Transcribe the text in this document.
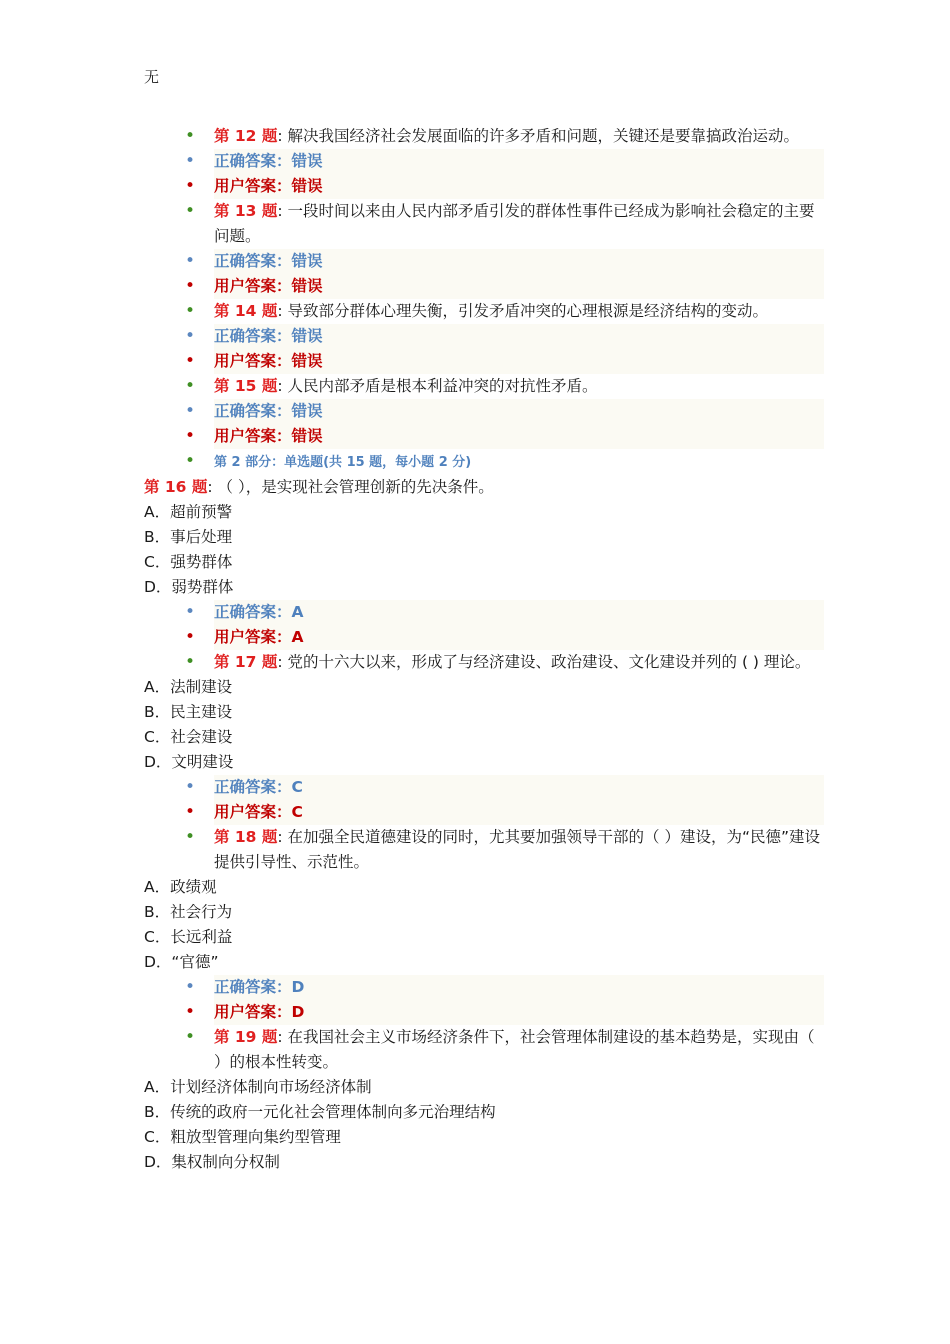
无
• 第 12 题: 解决我国经济社会发展面临的许多矛盾和问题，关键还是要靠搞政治运动。
• 正确答案：错误
• 用户答案：错误
• 第 13 题: 一段时间以来由人民内部矛盾引发的群体性事件已经成为影响社会稳定的主要问题。
• 正确答案：错误
• 用户答案：错误
• 第 14 题: 导致部分群体心理失衡，引发矛盾冲突的心理根源是经济结构的变动。
• 正确答案：错误
• 用户答案：错误
• 第 15 题: 人民内部矛盾是根本利益冲突的对抗性矛盾。
• 正确答案：错误
• 用户答案：错误
• 第 2 部分：单选题(共 15 题，每小题 2 分)
第 16 题: （ ），是实现社会管理创新的先决条件。
A．超前预警
B．事后处理
C．强势群体
D．弱势群体
• 正确答案：A
• 用户答案：A
• 第 17 题: 党的十六大以来，形成了与经济建设、政治建设、文化建设并列的 ( ) 理论。
A．法制建设
B．民主建设
C．社会建设
D．文明建设
• 正确答案：C
• 用户答案：C
• 第 18 题: 在加强全民道德建设的同时，尤其要加强领导干部的（ ）建设，为“民德”建设提供引导性、示范性。
A．政绩观
B．社会行为
C．长远利益
D．“官德”
• 正确答案：D
• 用户答案：D
• 第 19 题: 在我国社会主义市场经济条件下，社会管理体制建设的基本趋势是，实现由（ ）的根本性转变。
A．计划经济体制向市场经济体制
B．传统的政府一元化社会管理体制向多元治理结构
C．粗放型管理向集约型管理
D．集权制向分权制
